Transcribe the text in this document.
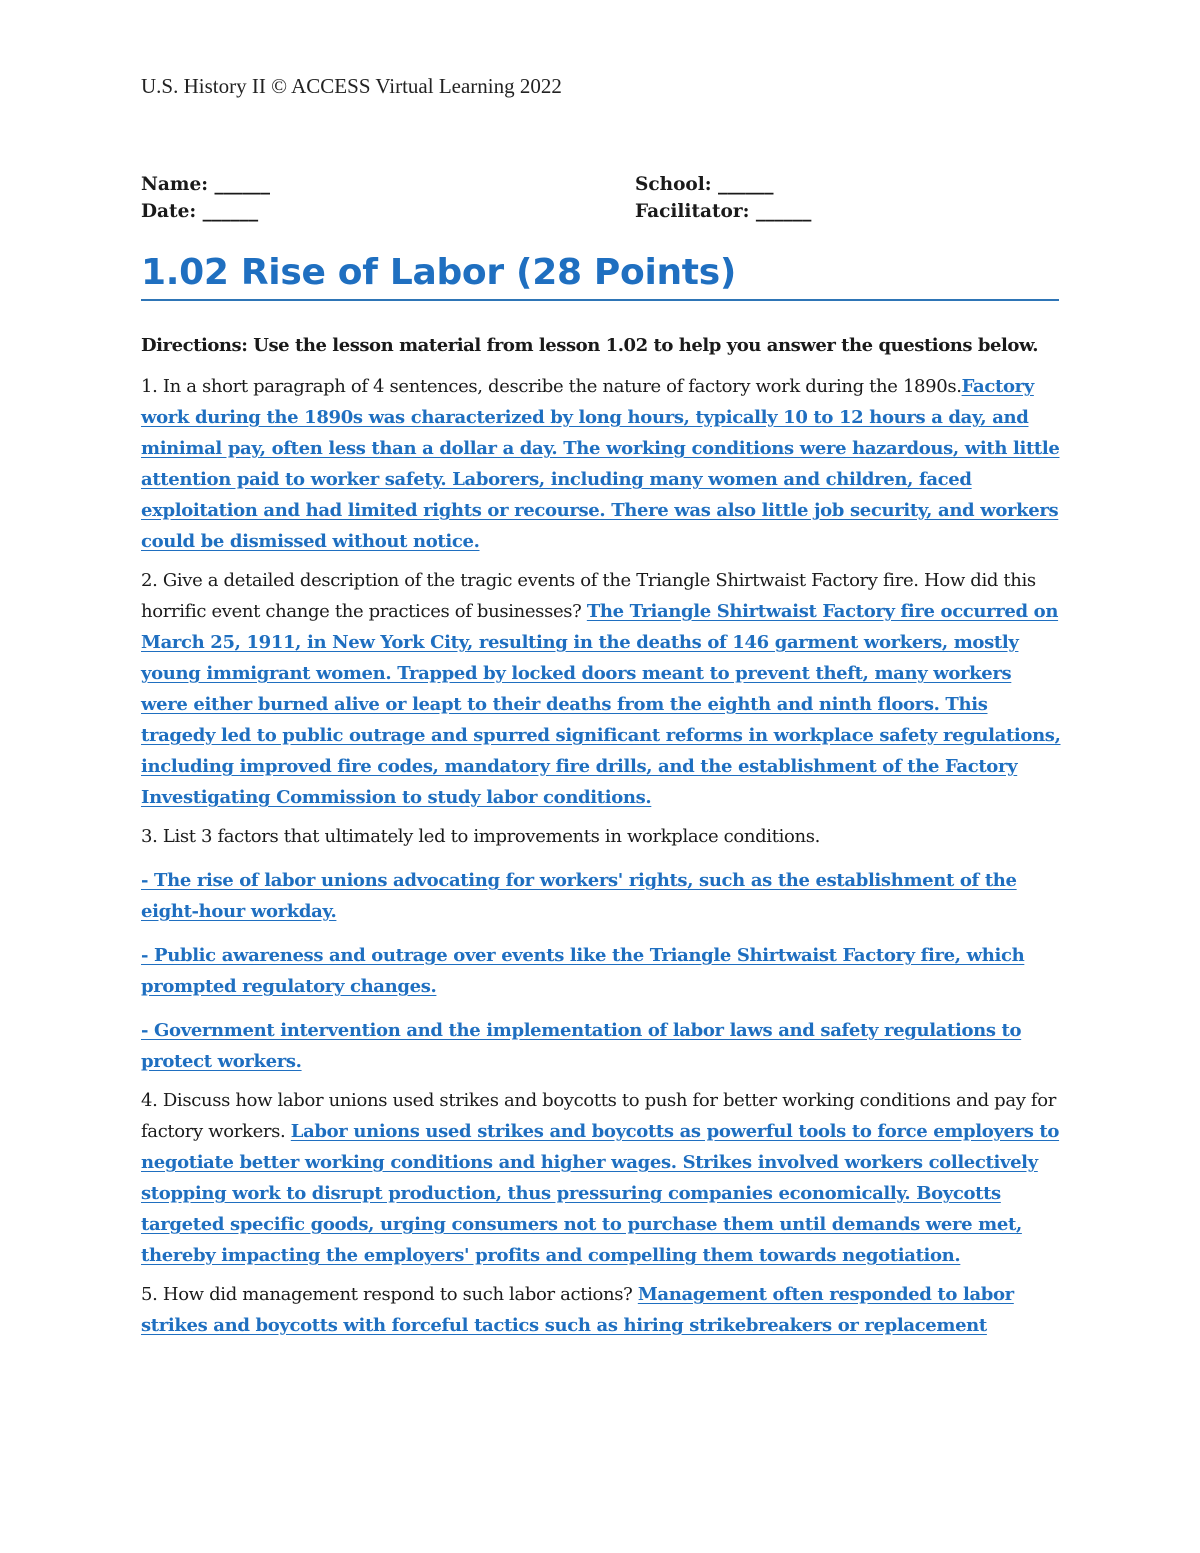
U.S. History II © ACCESS Virtual Learning 2022
Name: ______
Date: ______
School: ______
Facilitator: ______
1.02 Rise of Labor (28 Points)

Directions: Use the lesson material from lesson 1.02 to help you answer the questions below.

1. In a short paragraph of 4 sentences, describe the nature of factory work during the 1890s.Factory work during the 1890s was characterized by long hours, typically 10 to 12 hours a day, and minimal pay, often less than a dollar a day. The working conditions were hazardous, with little attention paid to worker safety. Laborers, including many women and children, faced exploitation and had limited rights or recourse. There was also little job security, and workers could be dismissed without notice.

2. Give a detailed description of the tragic events of the Triangle Shirtwaist Factory fire. How did this horrific event change the practices of businesses? The Triangle Shirtwaist Factory fire occurred on March 25, 1911, in New York City, resulting in the deaths of 146 garment workers, mostly young immigrant women. Trapped by locked doors meant to prevent theft, many workers were either burned alive or leapt to their deaths from the eighth and ninth floors. This tragedy led to public outrage and spurred significant reforms in workplace safety regulations, including improved fire codes, mandatory fire drills, and the establishment of the Factory Investigating Commission to study labor conditions.

3. List 3 factors that ultimately led to improvements in workplace conditions.

- The rise of labor unions advocating for workers' rights, such as the establishment of the eight-hour workday.

- Public awareness and outrage over events like the Triangle Shirtwaist Factory fire, which prompted regulatory changes.

- Government intervention and the implementation of labor laws and safety regulations to protect workers.

4. Discuss how labor unions used strikes and boycotts to push for better working conditions and pay for factory workers. Labor unions used strikes and boycotts as powerful tools to force employers to negotiate better working conditions and higher wages. Strikes involved workers collectively stopping work to disrupt production, thus pressuring companies economically. Boycotts targeted specific goods, urging consumers not to purchase them until demands were met, thereby impacting the employers' profits and compelling them towards negotiation.

5. How did management respond to such labor actions? Management often responded to labor strikes and boycotts with forceful tactics such as hiring strikebreakers or replacement
